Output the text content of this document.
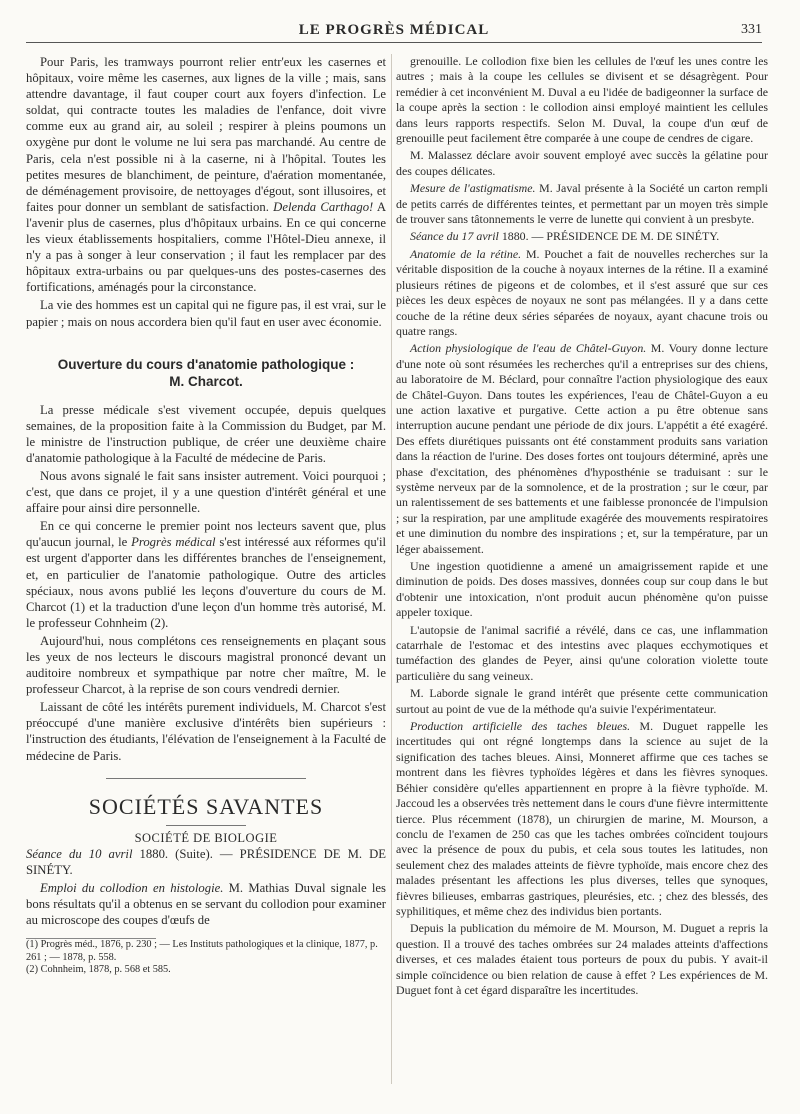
LE PROGRÈS MÉDICAL	331

Pour Paris, les tramways pourront relier entr'eux les casernes et hôpitaux, voire même les casernes, aux lignes de la ville ; mais, sans attendre davantage, il faut couper court aux foyers d'infection. Le soldat, qui contracte toutes les maladies de l'enfance, doit vivre comme eux au grand air, au soleil ; respirer à pleins poumons un oxygène pur dont le volume ne lui sera pas marchandé. Au centre de Paris, cela n'est possible ni à la caserne, ni à l'hôpital. Toutes les petites mesures de blanchiment, de peinture, d'aération momentanée, de déménagement provisoire, de nettoyages d'égout, sont illusoires, et faites pour donner un semblant de satisfaction. Delenda Carthago! A l'avenir plus de casernes, plus d'hôpitaux urbains. En ce qui concerne les vieux établissements hospitaliers, comme l'Hôtel-Dieu annexe, il n'y a pas à songer à leur conservation ; il faut les remplacer par des hôpitaux extra-urbains ou par quelques-uns des postes-casernes des fortifications, aménagés pour la circonstance.

La vie des hommes est un capital qui ne figure pas, il est vrai, sur le papier ; mais on nous accordera bien qu'il faut en user avec économie.

Ouverture du cours d'anatomie pathologique :
M. Charcot.

La presse médicale s'est vivement occupée, depuis quelques semaines, de la proposition faite à la Commission du Budget, par M. le ministre de l'instruction publique, de créer une deuxième chaire d'anatomie pathologique à la Faculté de médecine de Paris.

Nous avons signalé le fait sans insister autrement. Voici pourquoi ; c'est, que dans ce projet, il y a une question d'intérêt général et une affaire pour ainsi dire personnelle.

En ce qui concerne le premier point nos lecteurs savent que, plus qu'aucun journal, le Progrès médical s'est intéressé aux réformes qu'il est urgent d'apporter dans les différentes branches de l'enseignement, et, en particulier de l'anatomie pathologique. Outre des articles spéciaux, nous avons publié les leçons d'ouverture du cours de M. Charcot (1) et la traduction d'une leçon d'un homme très autorisé, M. le professeur Cohnheim (2).

Aujourd'hui, nous complétons ces renseignements en plaçant sous les yeux de nos lecteurs le discours magistral prononcé devant un auditoire nombreux et sympathique par notre cher maître, M. le professeur Charcot, à la reprise de son cours vendredi dernier.

Laissant de côté les intérêts purement individuels, M. Charcot s'est préoccupé d'une manière exclusive d'intérêts bien supérieurs : l'instruction des étudiants, l'élévation de l'enseignement à la Faculté de médecine de Paris.

SOCIÉTÉS SAVANTES
SOCIÉTÉ DE BIOLOGIE

Séance du 10 avril 1880. (Suite). — PRÉSIDENCE DE M. DE SINÉTY.

Emploi du collodion en histologie. M. Mathias Duval signale les bons résultats qu'il a obtenus en se servant du collodion pour examiner au microscope des coupes d'œufs de

(1) Progrès méd., 1876, p. 230 ; — Les Instituts pathologiques et la clinique, 1877, p. 261 ; — 1878, p. 558.

(2) Cohnheim, 1878, p. 568 et 585.

grenouille. Le collodion fixe bien les cellules de l'œuf les unes contre les autres ; mais à la coupe les cellules se divisent et se désagrègent. Pour remédier à cet inconvénient M. Duval a eu l'idée de badigeonner la surface de la coupe après la section : le collodion ainsi employé maintient les cellules dans leurs rapports respectifs. Selon M. Duval, la coupe d'un œuf de grenouille peut facilement être comparée à une coupe de cendres de cigare.

M. Malassez déclare avoir souvent employé avec succès la gélatine pour des coupes délicates.

Mesure de l'astigmatisme. M. Javal présente à la Société un carton rempli de petits carrés de différentes teintes, et permettant par un moyen très simple de trouver sans tâtonnements le verre de lunette qui convient à un presbyte.

Séance du 17 avril 1880. — PRÉSIDENCE DE M. DE SINÉTY.

Anatomie de la rétine. M. Pouchet a fait de nouvelles recherches sur la véritable disposition de la couche à noyaux internes de la rétine. Il a examiné plusieurs rétines de pigeons et de colombes, et il s'est assuré que sur ces pièces les deux espèces de noyaux ne sont pas mélangées. Il y a dans cette couche de la rétine deux séries séparées de noyaux, ayant chacune trois ou quatre rangs.

Action physiologique de l'eau de Châtel-Guyon. M. Voury donne lecture d'une note où sont résumées les recherches qu'il a entreprises sur des chiens, au laboratoire de M. Béclard, pour connaître l'action physiologique des eaux de Châtel-Guyon. Dans toutes les expériences, l'eau de Châtel-Guyon a eu une action laxative et purgative. Cette action a pu être obtenue sans interruption aucune pendant une période de dix jours. L'appétit a été exagéré. Des effets diurétiques puissants ont été constamment produits sans variation dans la réaction de l'urine. Des doses fortes ont toujours déterminé, après une phase d'excitation, des phénomènes d'hyposthénie se traduisant : sur le système nerveux par de la somnolence, et de la prostration ; sur le cœur, par un ralentissement de ses battements et une faiblesse prononcée de l'impulsion ; sur la respiration, par une amplitude exagérée des mouvements respiratoires et une diminution du nombre des inspirations ; et, sur la température, par un léger abaissement.

Une ingestion quotidienne a amené un amaigrissement rapide et une diminution de poids. Des doses massives, données coup sur coup dans le but d'obtenir une intoxication, n'ont produit aucun phénomène qu'on puisse appeler toxique.

L'autopsie de l'animal sacrifié a révélé, dans ce cas, une inflammation catarrhale de l'estomac et des intestins avec plaques ecchymotiques et tuméfaction des glandes de Peyer, ainsi qu'une coloration violette toute particulière du sang veineux.

M. Laborde signale le grand intérêt que présente cette communication surtout au point de vue de la méthode qu'a suivie l'expérimentateur.

Production artificielle des taches bleues. M. Duguet rappelle les incertitudes qui ont régné longtemps dans la science au sujet de la signification des taches bleues. Ainsi, Monneret affirme que ces taches se montrent dans les fièvres typhoïdes légères et dans les fièvres synoques. Béhier considère qu'elles appartiennent en propre à la fièvre typhoïde. M. Jaccoud les a observées très nettement dans le cours d'une fièvre intermittente tierce. Plus récemment (1878), un chirurgien de marine, M. Mourson, a conclu de l'examen de 250 cas que les taches ombrées coïncident toujours avec la présence de poux du pubis, et cela sous toutes les latitudes, non seulement chez des malades atteints de fièvre typhoïde, mais encore chez des malades présentant les affections les plus diverses, telles que synoques, fièvres bilieuses, embarras gastriques, pleurésies, etc. ; chez des blessés, des syphilitiques, et même chez des individus bien portants.

Depuis la publication du mémoire de M. Mourson, M. Duguet a repris la question. Il a trouvé des taches ombrées sur 24 malades atteints d'affections diverses, et ces malades étaient tous porteurs de poux du pubis. Y avait-il simple coïncidence ou bien relation de cause à effet ? Les expériences de M. Duguet font à cet égard disparaître les incertitudes.
